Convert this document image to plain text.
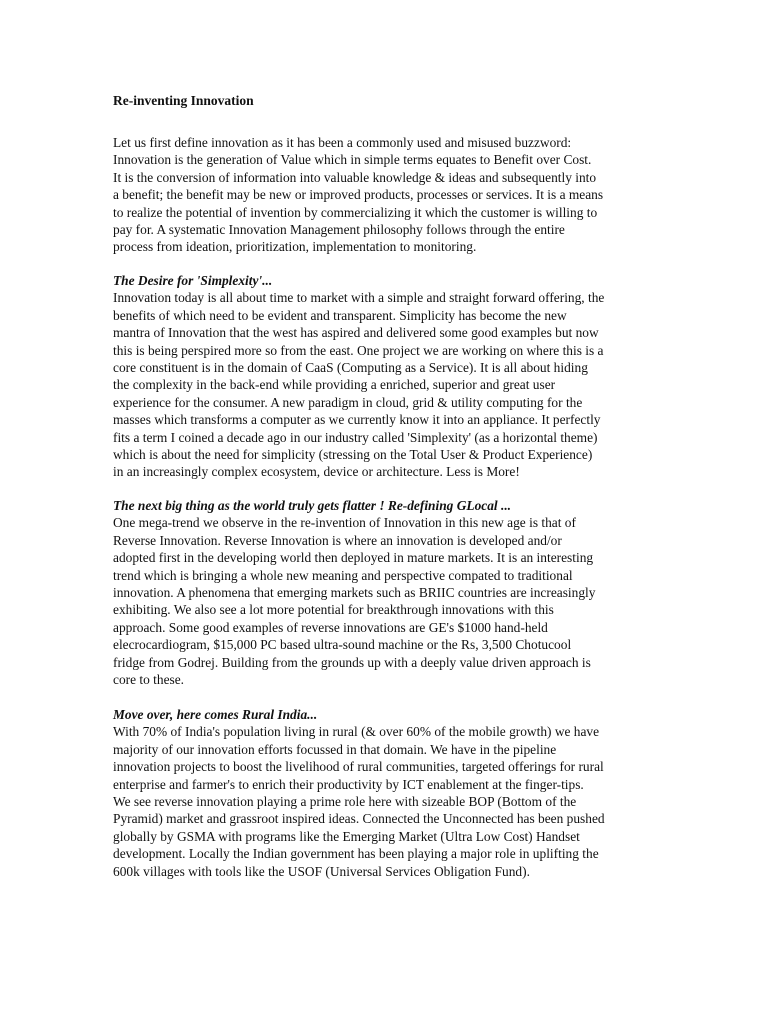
Re-inventing Innovation
Let us first define innovation as it has been a commonly used and misused buzzword:
Innovation is the generation of Value which in simple terms equates to Benefit over Cost.
It is the conversion of information into valuable knowledge & ideas and subsequently into
a benefit; the benefit may be new or improved products, processes or services. It is a means
to realize the potential of invention by commercializing it which the customer is willing to
pay for. A systematic Innovation Management philosophy follows through the entire
process from ideation, prioritization, implementation to monitoring.
The Desire for 'Simplexity'...
Innovation today is all about time to market with a simple and straight forward offering, the
benefits of which need to be evident and transparent. Simplicity has become the new
mantra of Innovation that the west has aspired and delivered some good examples but now
this is being perspired more so from the east. One project we are working on where this is a
core constituent is in the domain of CaaS (Computing as a Service). It is all about hiding
the complexity in the back-end while providing a enriched, superior and great user
experience for the consumer. A new paradigm in cloud, grid & utility computing for the
masses which transforms a computer as we currently know it into an appliance. It perfectly
fits a term I coined a decade ago in our industry called 'Simplexity' (as a horizontal theme)
which is about the need for simplicity (stressing on the Total User & Product Experience)
in an increasingly complex ecosystem, device or architecture. Less is More!
The next big thing as the world truly gets flatter ! Re-defining GLocal ...
One mega-trend we observe in the re-invention of Innovation in this new age is that of
Reverse Innovation. Reverse Innovation is where an innovation is developed and/or
adopted first in the developing world then deployed in mature markets. It is an interesting
trend which is bringing a whole new meaning and perspective compated to traditional
innovation. A phenomena that emerging markets such as BRIIC countries are increasingly
exhibiting. We also see a lot more potential for breakthrough innovations with this
approach. Some good examples of reverse innovations are GE's $1000 hand-held
elecrocardiogram, $15,000 PC based ultra-sound machine or the Rs, 3,500 Chotucool
fridge from Godrej. Building from the grounds up with a deeply value driven approach is
core to these.
Move over, here comes Rural India...
With 70% of India's population living in rural (& over 60% of the mobile growth) we have
majority of our innovation efforts focussed in that domain. We have in the pipeline
innovation projects to boost the livelihood of rural communities, targeted offerings for rural
enterprise and farmer's to enrich their productivity by ICT enablement at the finger-tips.
We see reverse innovation playing a prime role here with sizeable BOP (Bottom of the
Pyramid) market and grassroot inspired ideas. Connected the Unconnected has been pushed
globally by GSMA with programs like the Emerging Market (Ultra Low Cost) Handset
development. Locally the Indian government has been playing a major role in uplifting the
600k villages with tools like the USOF (Universal Services Obligation Fund).
